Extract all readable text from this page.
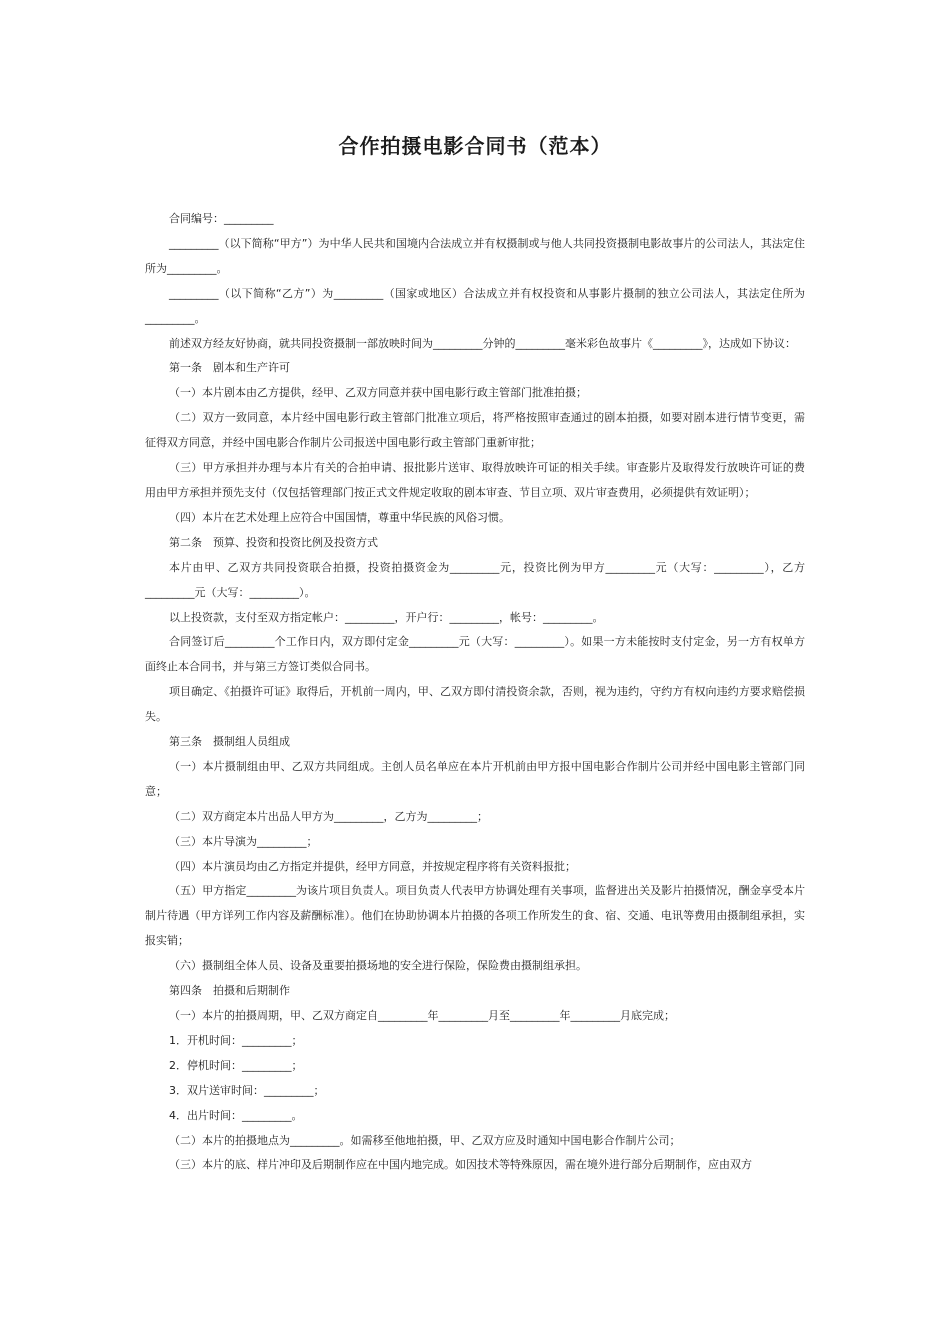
合作拍摄电影合同书（范本）

合同编号：_________

_________（以下简称“甲方”）为中华人民共和国境内合法成立并有权摄制或与他人共同投资摄制电影故事片的公司法人，其法定住所为_________。

_________（以下简称“乙方”）为_________（国家或地区）合法成立并有权投资和从事影片摄制的独立公司法人，其法定住所为_________。

前述双方经友好协商，就共同投资摄制一部放映时间为_________分钟的_________毫米彩色故事片《_________》，达成如下协议：

第一条　剧本和生产许可

（一）本片剧本由乙方提供，经甲、乙双方同意并获中国电影行政主管部门批准拍摄；

（二）双方一致同意，本片经中国电影行政主管部门批准立项后，将严格按照审查通过的剧本拍摄，如要对剧本进行情节变更，需征得双方同意，并经中国电影合作制片公司报送中国电影行政主管部门重新审批；

（三）甲方承担并办理与本片有关的合拍申请、报批影片送审、取得放映许可证的相关手续。审查影片及取得发行放映许可证的费用由甲方承担并预先支付（仅包括管理部门按正式文件规定收取的剧本审查、节目立项、双片审查费用，必须提供有效证明）；

（四）本片在艺术处理上应符合中国国情，尊重中华民族的风俗习惯。

第二条　预算、投资和投资比例及投资方式

本片由甲、乙双方共同投资联合拍摄，投资拍摄资金为_________元，投资比例为甲方_________元（大写：_________），乙方_________元（大写：_________）。

以上投资款，支付至双方指定帐户：_________，开户行：_________，帐号：_________。

合同签订后_________个工作日内，双方即付定金_________元（大写：_________）。如果一方未能按时支付定金，另一方有权单方面终止本合同书，并与第三方签订类似合同书。

项目确定、《拍摄许可证》取得后，开机前一周内，甲、乙双方即付清投资余款，否则，视为违约，守约方有权向违约方要求赔偿损失。

第三条　摄制组人员组成

（一）本片摄制组由甲、乙双方共同组成。主创人员名单应在本片开机前由甲方报中国电影合作制片公司并经中国电影主管部门同意；

（二）双方商定本片出品人甲方为_________，乙方为_________；

（三）本片导演为_________；

（四）本片演员均由乙方指定并提供，经甲方同意，并按规定程序将有关资料报批；

（五）甲方指定_________为该片项目负责人。项目负责人代表甲方协调处理有关事项，监督进出关及影片拍摄情况，酬金享受本片制片待遇（甲方详列工作内容及薪酬标准）。他们在协助协调本片拍摄的各项工作所发生的食、宿、交通、电讯等费用由摄制组承担，实报实销；

（六）摄制组全体人员、设备及重要拍摄场地的安全进行保险，保险费由摄制组承担。

第四条　拍摄和后期制作

（一）本片的拍摄周期，甲、乙双方商定自_________年_________月至_________年_________月底完成；

1．开机时间：_________；

2．停机时间：_________；

3．双片送审时间：_________；

4．出片时间：_________。

（二）本片的拍摄地点为_________。如需移至他地拍摄，甲、乙双方应及时通知中国电影合作制片公司；

（三）本片的底、样片冲印及后期制作应在中国内地完成。如因技术等特殊原因，需在境外进行部分后期制作，应由双方
